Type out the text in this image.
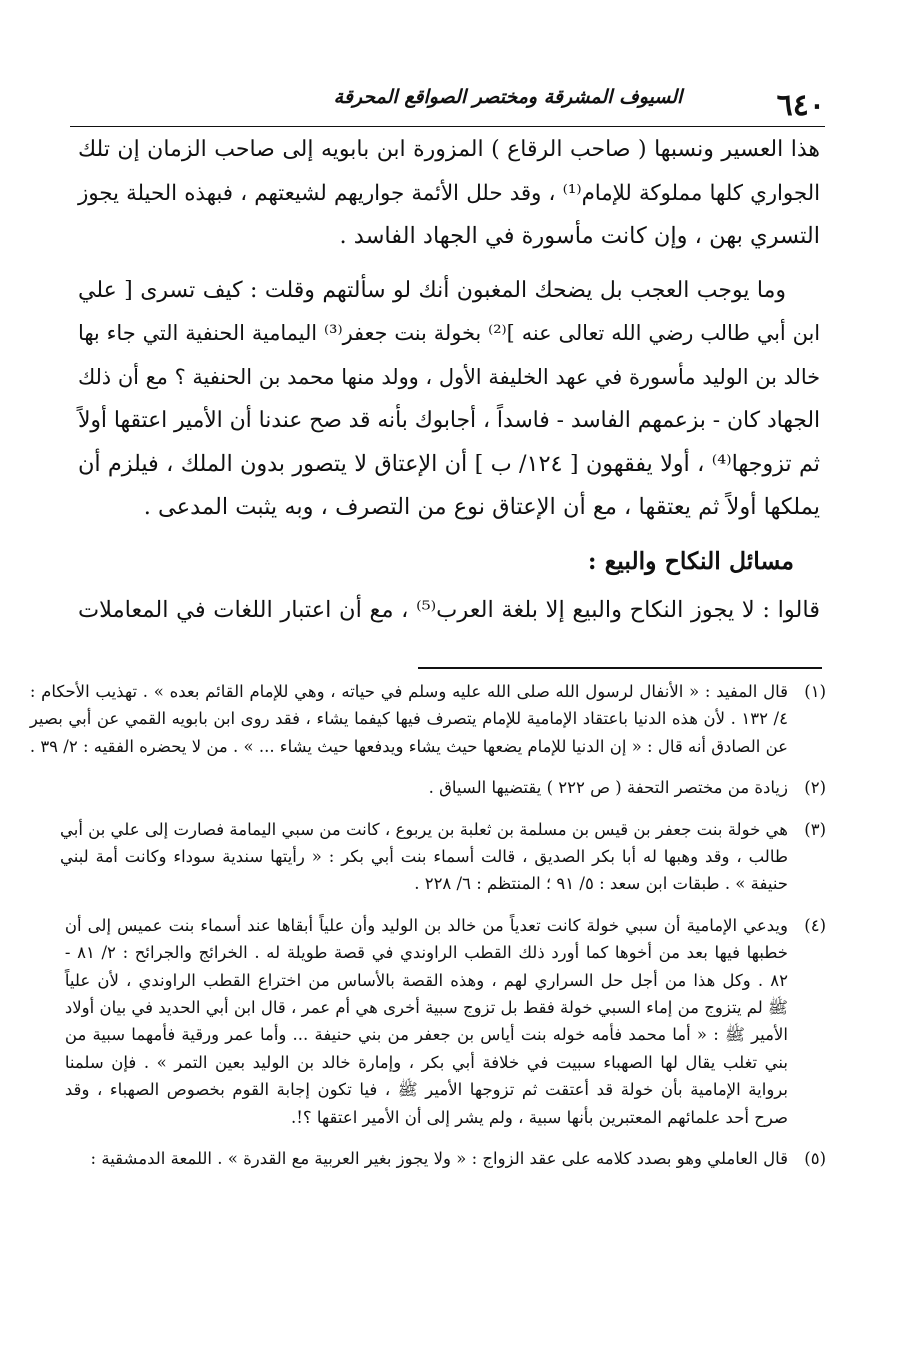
٦٤٠
السيوف المشرقة ومختصر الصواقع المحرقة

هذا العسير ونسبها ( صاحب الرقاع ) المزورة ابن بابويه إلى صاحب الزمان إن تلك
الجواري كلها مملوكة للإمام⁽¹⁾ ، وقد حلل الأئمة جواريهم لشيعتهم ، فبهذه الحيلة يجوز
التسري بهن ، وإن كانت مأسورة في الجهاد الفاسد .

وما يوجب العجب بل يضحك المغبون أنك لو سألتهم وقلت : كيف تسرى [ علي
ابن أبي طالب رضي الله تعالى عنه ]⁽²⁾ بخولة بنت جعفر⁽³⁾ اليمامية الحنفية التي جاء بها
خالد بن الوليد مأسورة في عهد الخليفة الأول ، وولد منها محمد بن الحنفية ؟ مع أن ذلك
الجهاد كان - بزعمهم الفاسد - فاسداً ، أجابوك بأنه قد صح عندنا أن الأمير اعتقها أولاً
ثم تزوجها⁽⁴⁾ ، أولا يفقهون [ ١٢٤/ ب ] أن الإعتاق لا يتصور بدون الملك ، فيلزم أن
يملكها أولاً ثم يعتقها ، مع أن الإعتاق نوع من التصرف ، وبه يثبت المدعى .

مسائل النكاح والبيع :

قالوا : لا يجوز النكاح والبيع إلا بلغة العرب⁽⁵⁾ ، مع أن اعتبار اللغات في المعاملات

(١)
قال المفيد : « الأنفال لرسول الله صلى الله عليه وسلم في حياته ، وهي للإمام القائم بعده » . تهذيب الأحكام :
٤/ ١٣٢ . لأن هذه الدنيا باعتقاد الإمامية للإمام يتصرف فيها كيفما يشاء ، فقد روى ابن بابويه القمي عن أبي بصير
عن الصادق أنه قال : « إن الدنيا للإمام يضعها حيث يشاء ويدفعها حيث يشاء ... » . من لا يحضره الفقيه : ٢/ ٣٩ .
(٢)
زيادة من مختصر التحفة ( ص ٢٢٢ ) يقتضيها السياق .
(٣)
هي خولة بنت جعفر بن قيس بن مسلمة بن ثعلبة بن يربوع ، كانت من سبي اليمامة فصارت إلى علي بن أبي
طالب ، وقد وهبها له أبا بكر الصديق ، قالت أسماء بنت أبي بكر : « رأيتها سندية سوداء وكانت أمة لبني
حنيفة » . طبقات ابن سعد : ٥/ ٩١ ؛ المنتظم : ٦/ ٢٢٨ .
(٤)
ويدعي الإمامية أن سبي خولة كانت تعدياً من خالد بن الوليد وأن علياً أبقاها عند أسماء بنت عميس إلى أن
خطبها فيها بعد من أخوها كما أورد ذلك القطب الراوندي في قصة طويلة له . الخرائج والجرائح : ٢/ ٨١ -
٨٢ . وكل هذا من أجل حل السراري لهم ، وهذه القصة بالأساس من اختراع القطب الراوندي ، لأن علياً
ﷺ لم يتزوج من إماء السبي خولة فقط بل تزوج سبية أخرى هي أم عمر ، قال ابن أبي الحديد في بيان أولاد
الأمير ﷺ : « أما محمد فأمه خوله بنت أياس بن جعفر من بني حنيفة ... وأما عمر ورقية فأمهما سبية من
بني تغلب يقال لها الصهباء سبيت في خلافة أبي بكر ، وإمارة خالد بن الوليد بعين التمر » . فإن سلمنا
برواية الإمامية بأن خولة قد أعتقت ثم تزوجها الأمير ﷺ ، فيا تكون إجابة القوم بخصوص الصهباء ، وقد
صرح أحد علمائهم المعتبرين بأنها سبية ، ولم يشر إلى أن الأمير اعتقها ؟!.
(٥)
قال العاملي وهو بصدد كلامه على عقد الزواج : « ولا يجوز بغير العربية مع القدرة » . اللمعة الدمشقية :
